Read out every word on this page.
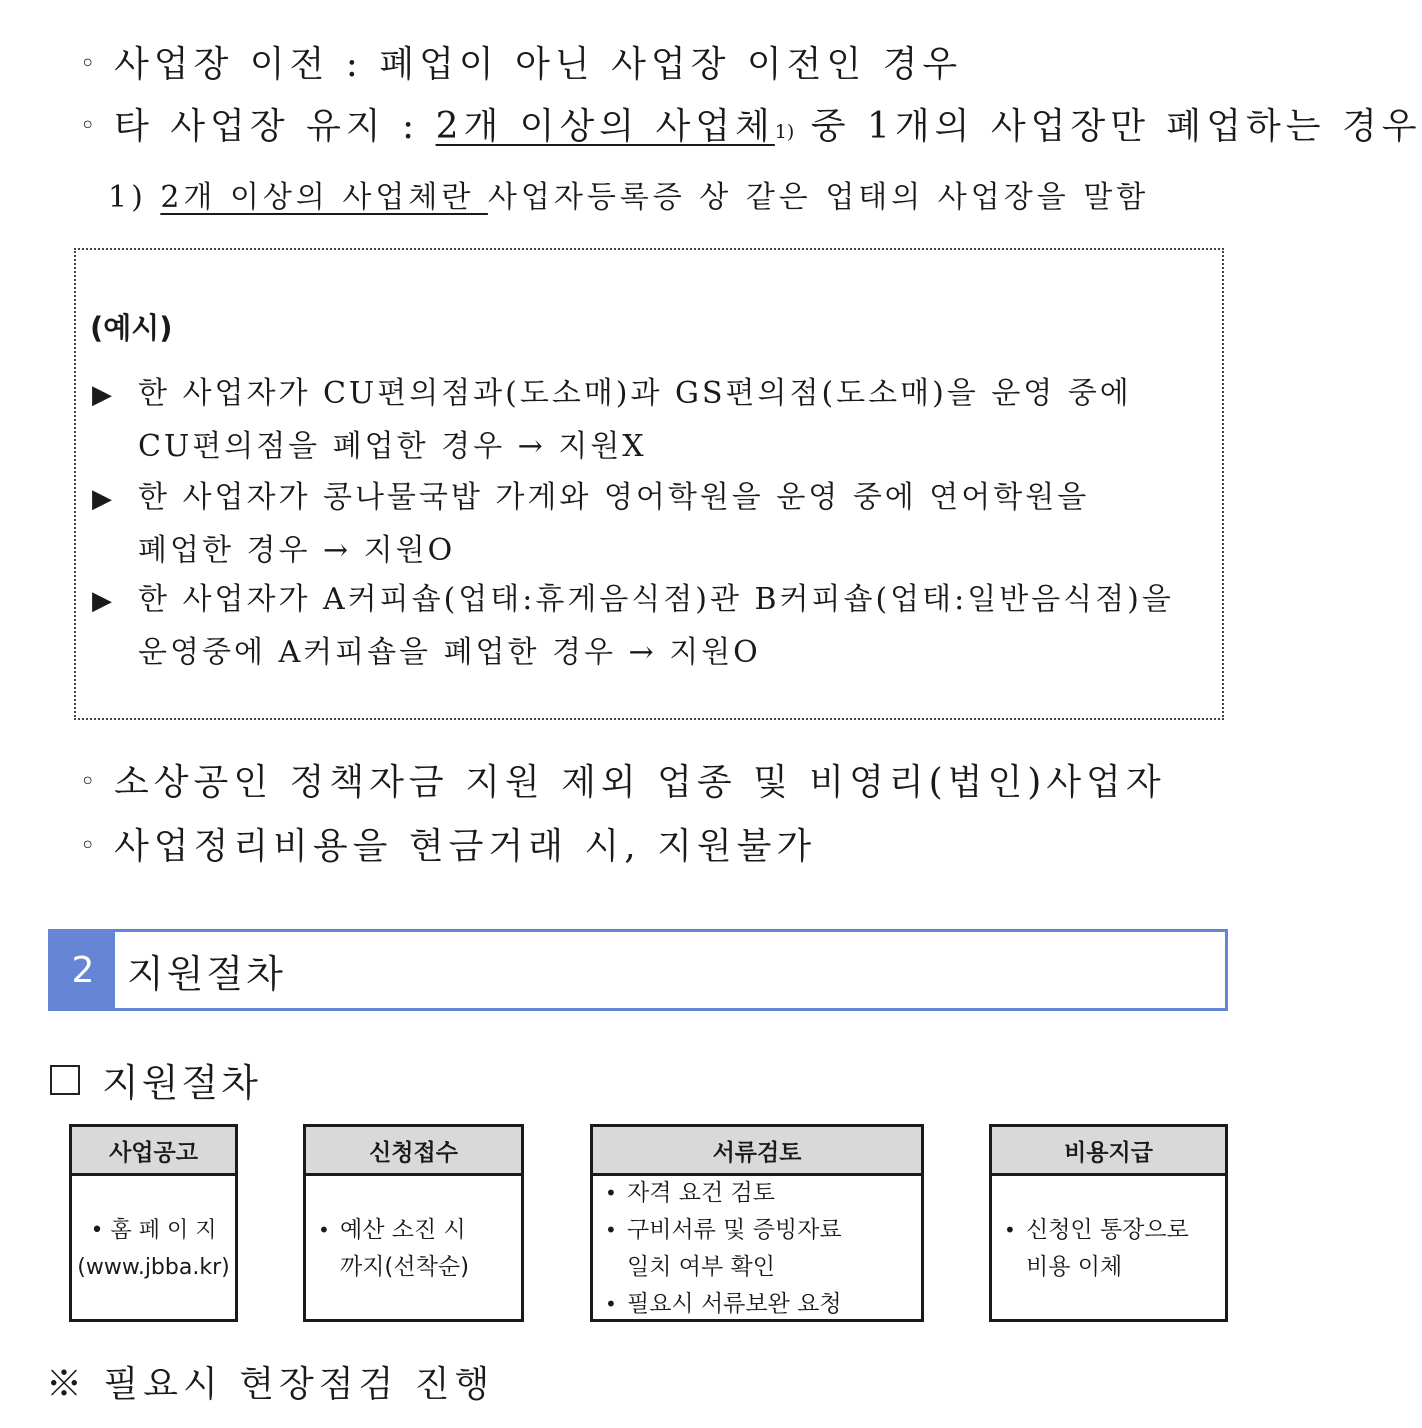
◦ 사업장 이전 : 폐업이 아닌 사업장 이전인 경우
◦ 타 사업장 유지 : 2개 이상의 사업체1) 중 1개의 사업장만 폐업하는 경우
1) 2개 이상의 사업체란 사업자등록증 상 같은 업태의 사업장을 말함
(예시)
▶ 한 사업자가 CU편의점과(도소매)과 GS편의점(도소매)을 운영 중에
CU편의점을 폐업한 경우 → 지원X
▶ 한 사업자가 콩나물국밥 가게와 영어학원을 운영 중에 연어학원을
폐업한 경우 → 지원O
▶ 한 사업자가 A커피숍(업태:휴게음식점)관 B커피숍(업태:일반음식점)을
운영중에 A커피숍을 폐업한 경우 → 지원O
◦ 소상공인 정책자금 지원 제외 업종 및 비영리(법인)사업자
◦ 사업정리비용을 현금거래 시, 지원불가
2 지원절차
지원절차
사업공고
• 홈 페 이 지
(www.jbba.kr)
신청접수
• 예산 소진 시
까지(선착순)
서류검토
• 자격 요건 검토
• 구비서류 및 증빙자료
일치 여부 확인
• 필요시 서류보완 요청
비용지급
• 신청인 통장으로
비용 이체
※ 필요시 현장점검 진행
